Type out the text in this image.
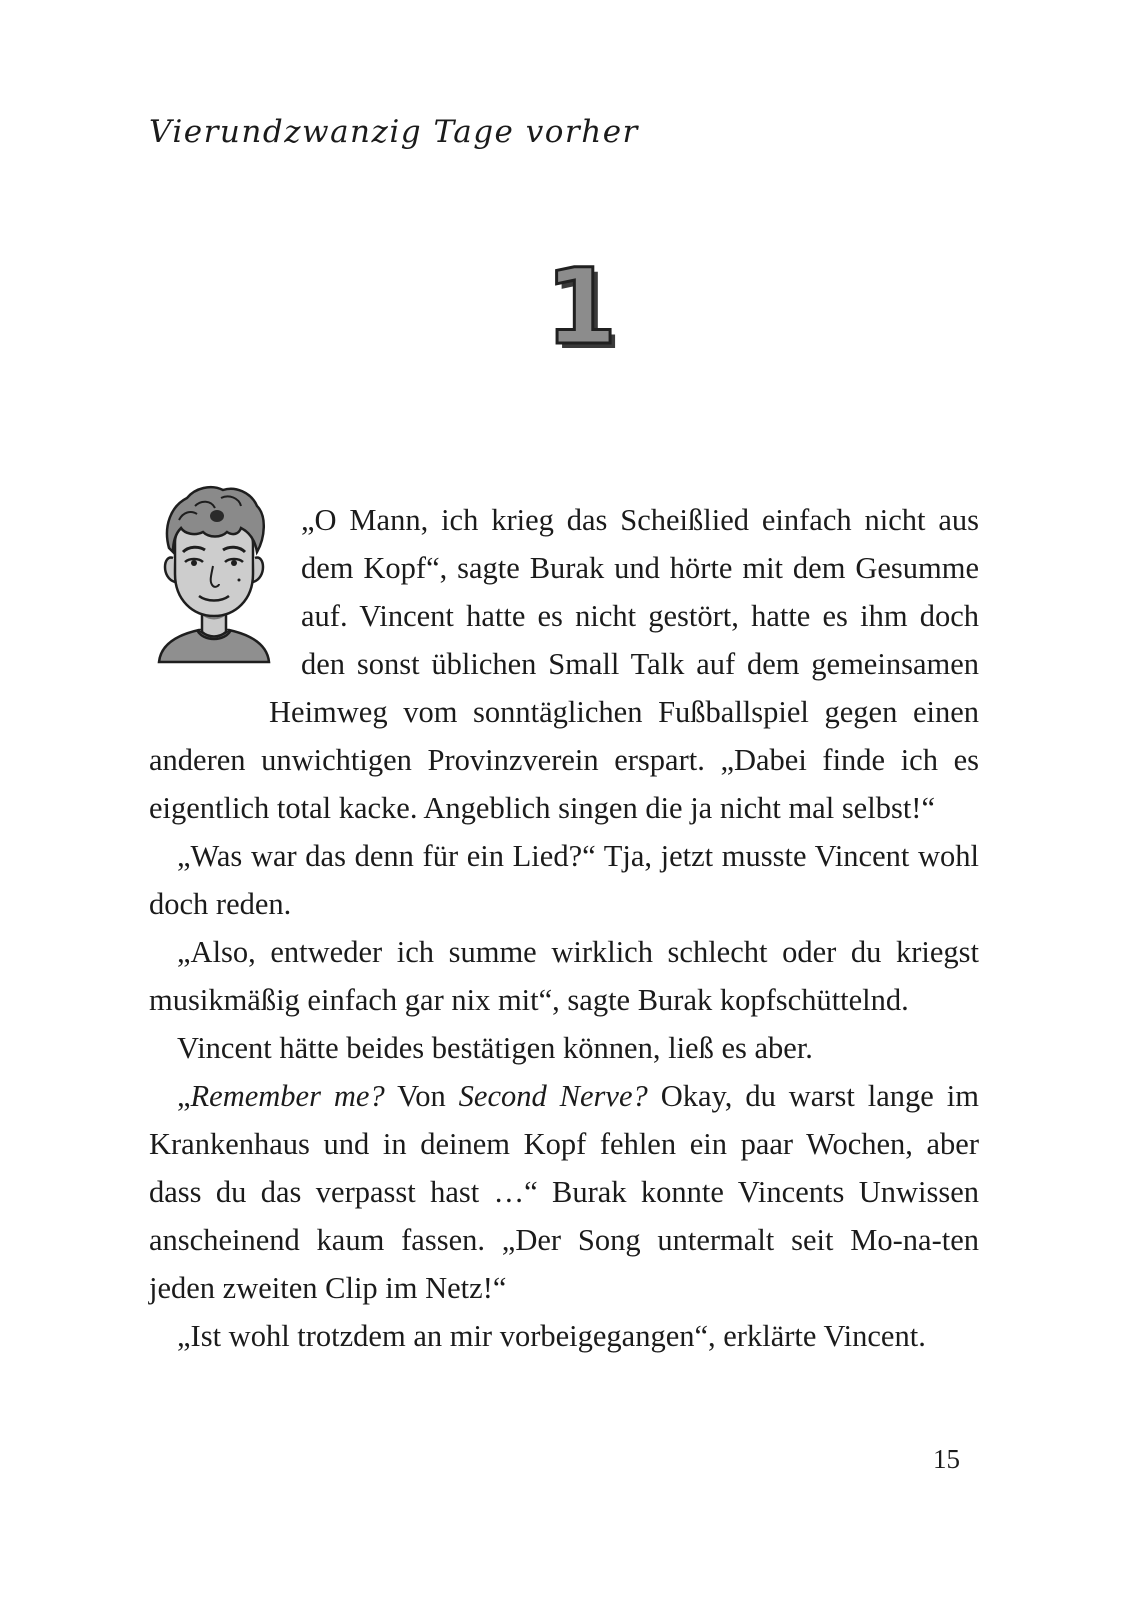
Vierundzwanzig Tage vorher
1

„O Mann, ich krieg das Scheißlied einfach nicht aus dem Kopf“, sagte Burak und hörte mit dem Gesumme auf. Vincent hatte es nicht gestört, hatte es ihm doch den sonst üblichen Small Talk auf dem gemeinsamen Heimweg vom sonntäglichen Fußballspiel gegen einen anderen unwichtigen Provinzverein erspart. „Dabei finde ich es eigentlich total kacke. Angeblich singen die ja nicht mal selbst!“

„Was war das denn für ein Lied?“ Tja, jetzt musste Vincent wohl doch reden.

„Also, entweder ich summe wirklich schlecht oder du kriegst musikmäßig einfach gar nix mit“, sagte Burak kopfschüttelnd.

Vincent hätte beides bestätigen können, ließ es aber.

„Remember me? Von Second Nerve? Okay, du warst lange im Krankenhaus und in deinem Kopf fehlen ein paar Wochen, aber dass du das verpasst hast …“ Burak konnte Vincents Unwissen anscheinend kaum fassen. „Der Song untermalt seit Mo-na-ten jeden zweiten Clip im Netz!“

„Ist wohl trotzdem an mir vorbeigegangen“, erklärte Vincent.

15
